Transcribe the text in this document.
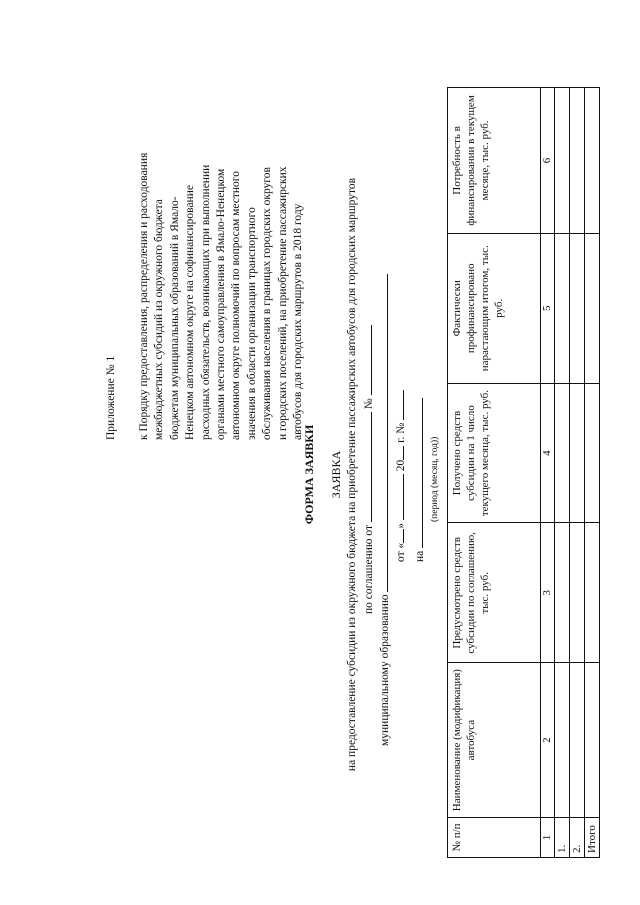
Приложение № 1 к Порядку предоставления, распределения и расходования межбюджетных субсидий из окружного бюджета бюджетам муниципальных образований в Ямало- Ненецком автономном округе на софинансирование расходных обязательств, возникающих при выполнении органами местного самоуправления в Ямало-Ненецком автономном округе полномочий по вопросам местного значения в области организации транспортного обслуживания населения в границах городских округов и городских поселений, на приобретение пассажирских автобусов для городских маршрутов в 2018 году
ФОРМА ЗАЯВКИ ЗАЯВКА на предоставление субсидии из окружного бюджета на приобретение пассажирских автобусов для городских маршрутов по соглашению от  №
муниципальному образованию
от «»  20 г. №
на
(период (месяц, год))
№ п/п	Наименование (модификация) автобуса	Предусмотрено средств субсидии по соглашению, тыс. руб.	Получено средств субсидии на 1 число текущего месяца, тыс. руб.	Фактически профинансировано нарастающим итогом, тыс. руб.	Потребность в финансировании в текущем месяце, тыс. руб.
1	2	3	4	5	6
1.					
2.					
Итого					
